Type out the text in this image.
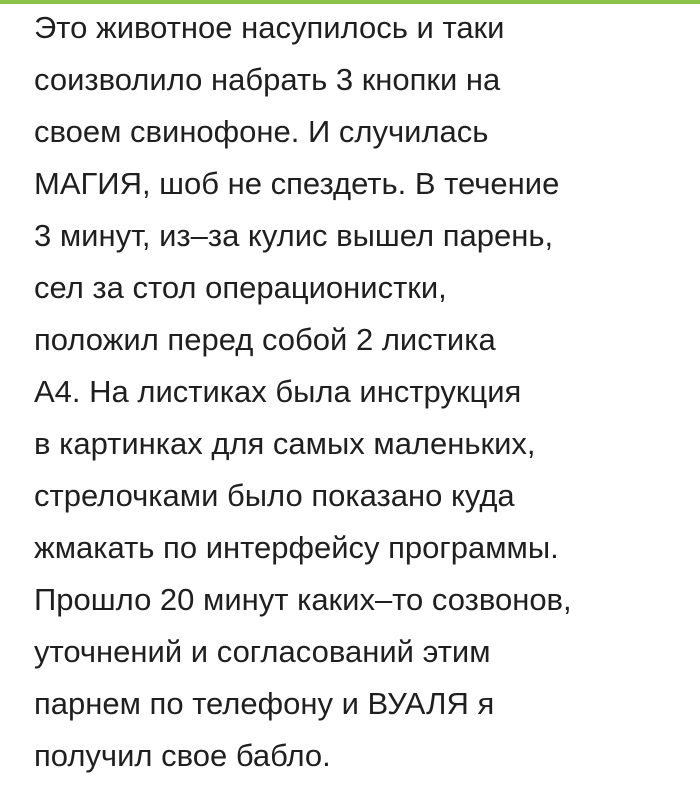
Это животное насупилось и таки
соизволило набрать 3 кнопки на
своем свинофоне. И случилась
МАГИЯ, шоб не спездеть. В течение
3 минут, из–за кулис вышел парень,
сел за стол операционистки,
положил перед собой 2 листика
А4. На листиках была инструкция
в картинках для самых маленьких,
стрелочками было показано куда
жмакать по интерфейсу программы.
Прошло 20 минут каких–то созвонов,
уточнений и согласований этим
парнем по телефону и ВУАЛЯ я
получил свое бабло.
